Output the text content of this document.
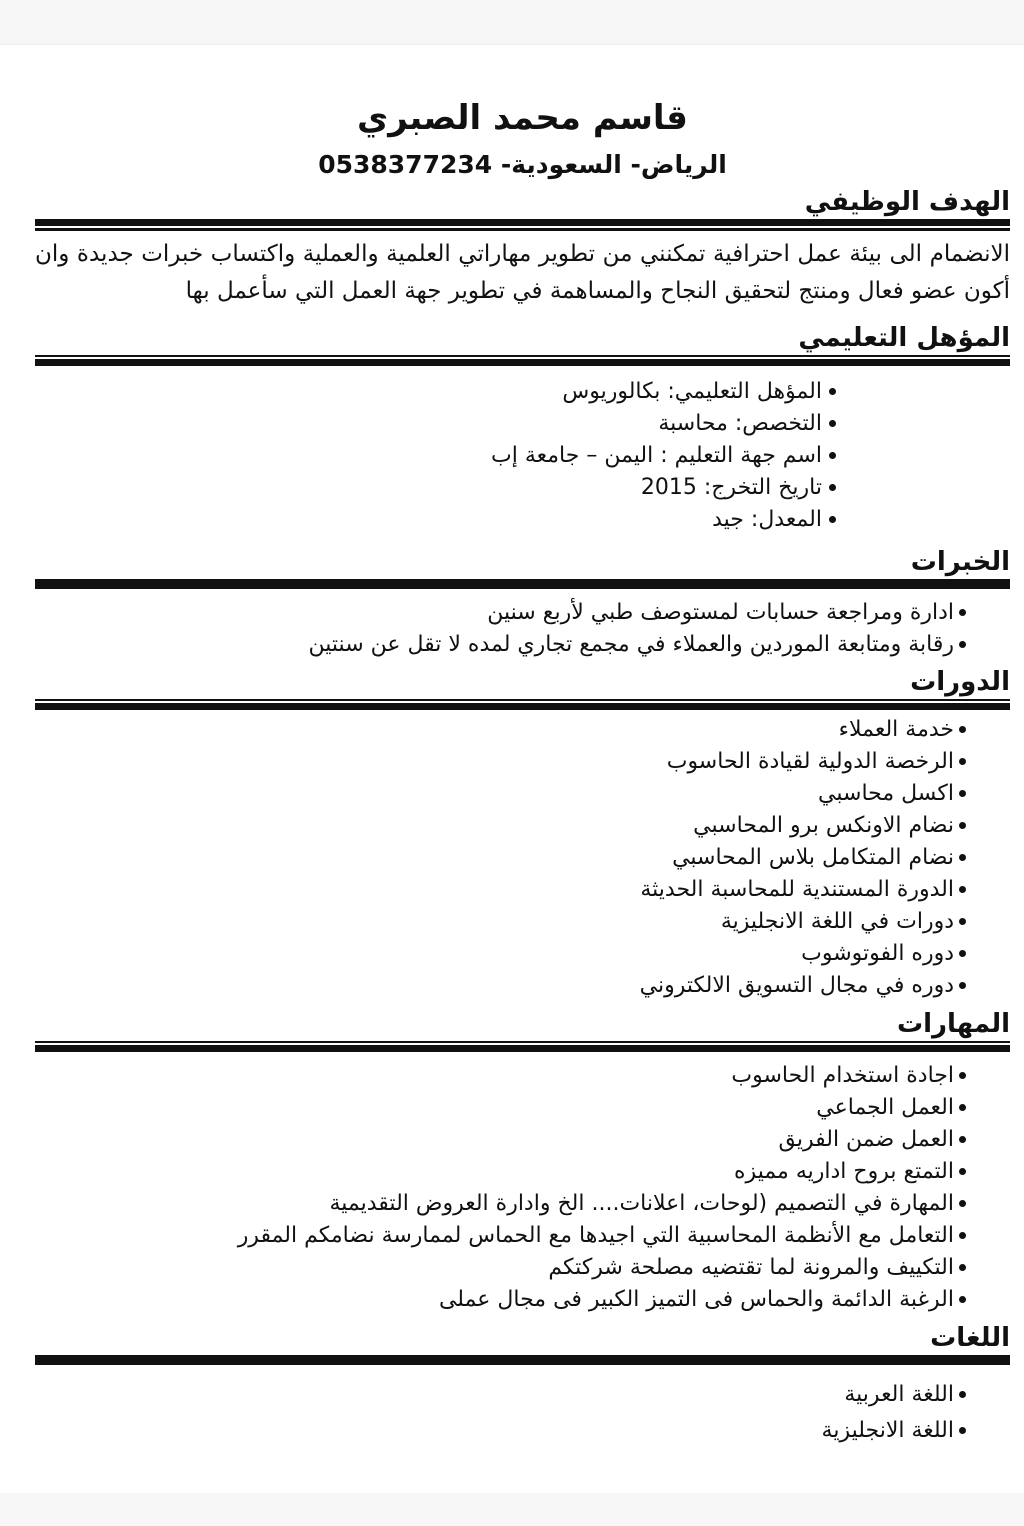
قاسم محمد الصبري
الرياض- السعودية- 0538377234
الهدف الوظيفي

الانضمام الى بيئة عمل احترافية تمكنني من تطوير مهاراتي العلمية والعملية واكتساب خبرات جديدة وان أكون عضو فعال ومنتج لتحقيق النجاح والمساهمة في تطوير جهة العمل التي سأعمل بها

المؤهل التعليمي
المؤهل التعليمي: بكالوريوس
التخصص: محاسبة
اسم جهة التعليم : اليمن – جامعة إب
تاريخ التخرج: 2015
المعدل: جيد
الخبرات
ادارة ومراجعة حسابات لمستوصف طبي لأربع سنين
رقابة ومتابعة الموردين والعملاء في مجمع تجاري لمده لا تقل عن سنتين
الدورات
خدمة العملاء
الرخصة الدولية لقيادة الحاسوب
اكسل محاسبي
نضام الاونكس برو المحاسبي
نضام المتكامل بلاس المحاسبي
الدورة المستندية للمحاسبة الحديثة
دورات في اللغة الانجليزية
دوره الفوتوشوب
دوره في مجال التسويق الالكتروني
المهارات
اجادة استخدام الحاسوب
العمل الجماعي
العمل ضمن الفريق
التمتع بروح اداريه مميزه
المهارة في التصميم (لوحات، اعلانات.... الخ وادارة العروض التقديمية
التعامل مع الأنظمة المحاسبية التي اجيدها مع الحماس لممارسة نضامكم المقرر
التكييف والمرونة لما تقتضيه مصلحة شركتكم
الرغبة الدائمة والحماس فى التميز الكبير فى مجال عملى
اللغات
اللغة العربية
اللغة الانجليزية
